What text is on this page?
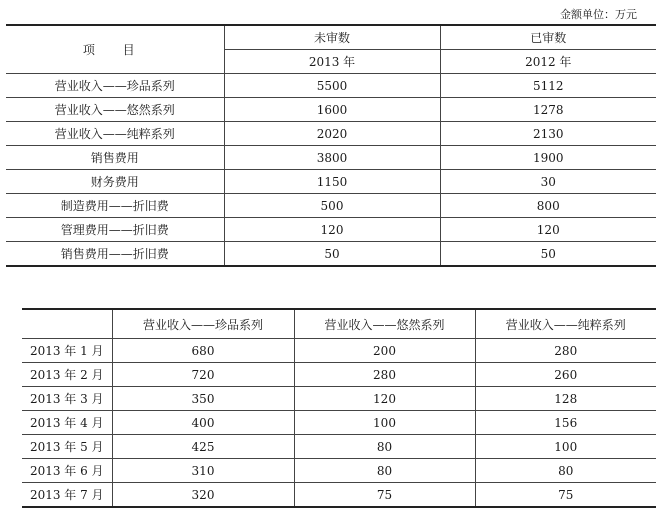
金额单位：万元
项 目	未审数	已审数
	2013 年	2012 年
营业收入——珍品系列	5500	5112
营业收入——悠然系列	1600	1278
营业收入——纯粹系列	2020	2130
销售费用	3800	1900
财务费用	1150	30
制造费用——折旧费	500	800
管理费用——折旧费	120	120
销售费用——折旧费	50	50
	营业收入——珍品系列	营业收入——悠然系列	营业收入——纯粹系列
2013 年 1 月	680	200	280
2013 年 2 月	720	280	260
2013 年 3 月	350	120	128
2013 年 4 月	400	100	156
2013 年 5 月	425	80	100
2013 年 6 月	310	80	80
2013 年 7 月	320	75	75
